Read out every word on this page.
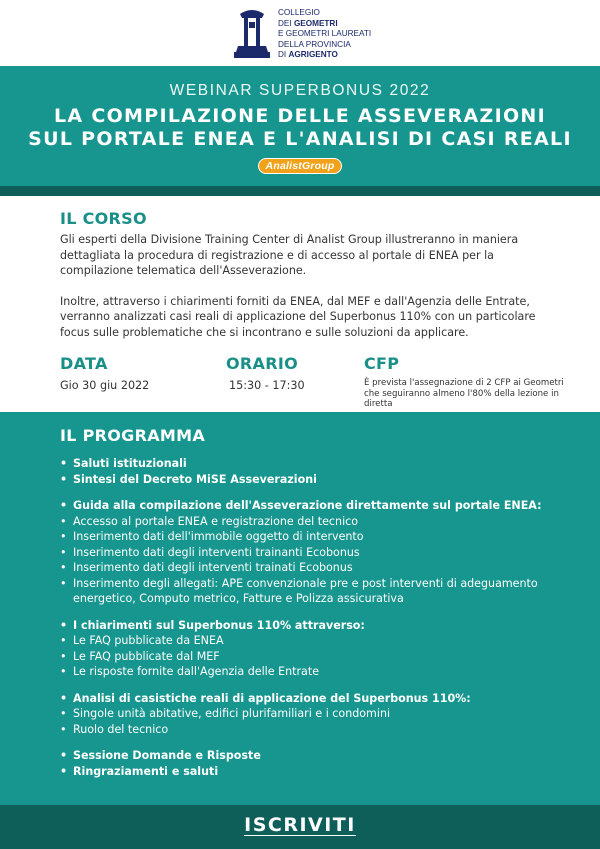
COLLEGIO
DEI GEOMETRI
E GEOMETRI LAUREATI
DELLA PROVINCIA
DI AGRIGENTO
WEBINAR SUPERBONUS 2022
LA COMPILAZIONE DELLE ASSEVERAZIONI
SUL PORTALE ENEA E L'ANALISI DI CASI REALI
AnalistGroup
IL CORSO

Gli esperti della Divisione Training Center di Analist Group illustreranno in maniera dettagliata la procedura di registrazione e di accesso al portale di ENEA per la compilazione telematica dell'Asseverazione.

Inoltre, attraverso i chiarimenti forniti da ENEA, dal MEF e dall'Agenzia delle Entrate, verranno analizzati casi reali di applicazione del Superbonus 110% con un particolare focus sulle problematiche che si incontrano e sulle soluzioni da applicare.

DATA
Gio 30 giu 2022
ORARIO
15:30 - 17:30
CFP
È prevista l'assegnazione di 2 CFP ai Geometri che seguiranno almeno l'80% della lezione in diretta
IL PROGRAMMA
• Saluti istituzionali
• Sintesi del Decreto MiSE Asseverazioni
• Guida alla compilazione dell'Asseverazione direttamente sul portale ENEA:
• Accesso al portale ENEA e registrazione del tecnico
• Inserimento dati dell'immobile oggetto di intervento
• Inserimento dati degli interventi trainanti Ecobonus
• Inserimento dati degli interventi trainati Ecobonus
• Inserimento degli allegati: APE convenzionale pre e post interventi di adeguamento energetico, Computo metrico, Fatture e Polizza assicurativa
• I chiarimenti sul Superbonus 110% attraverso:
• Le FAQ pubblicate da ENEA
• Le FAQ pubblicate dal MEF
• Le risposte fornite dall'Agenzia delle Entrate
• Analisi di casistiche reali di applicazione del Superbonus 110%:
• Singole unità abitative, edifici plurifamiliari e i condomini
• Ruolo del tecnico
• Sessione Domande e Risposte
• Ringraziamenti e saluti
ISCRIVITI
